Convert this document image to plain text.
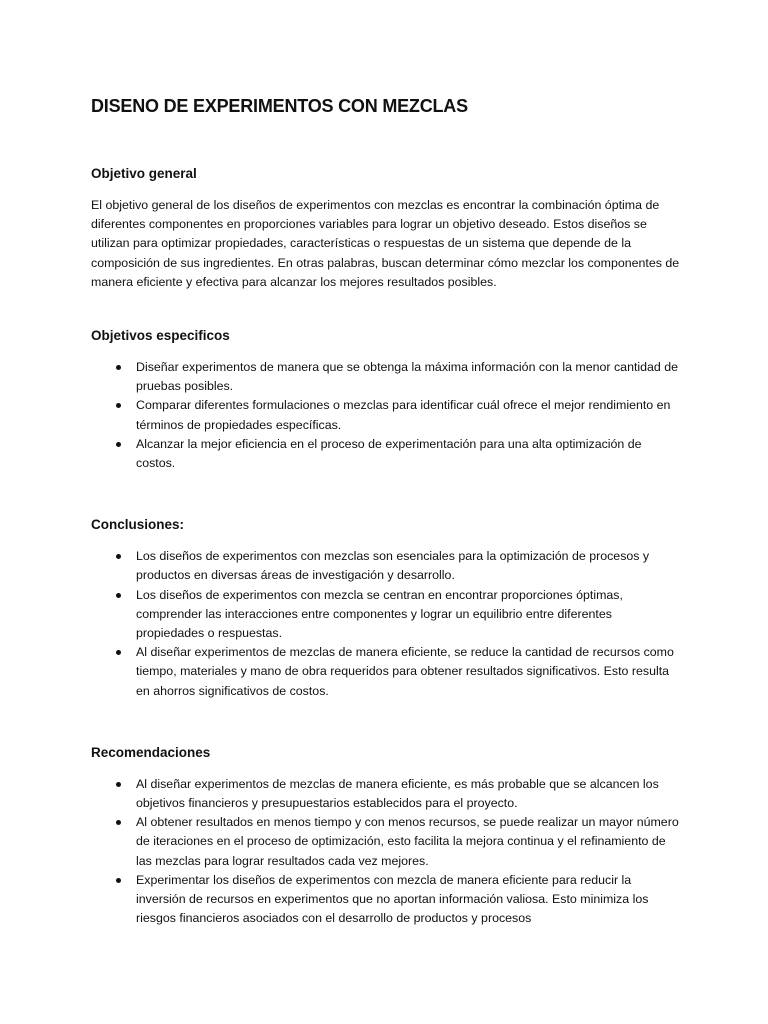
DISENO DE EXPERIMENTOS CON MEZCLAS
Objetivo general

El objetivo general de los diseños de experimentos con mezclas es encontrar la combinación óptima de diferentes componentes en proporciones variables para lograr un objetivo deseado. Estos diseños se utilizan para optimizar propiedades, características o respuestas de un sistema que depende de la composición de sus ingredientes. En otras palabras, buscan determinar cómo mezclar los componentes de manera eficiente y efectiva para alcanzar los mejores resultados posibles.

Objetivos especificos
Diseñar experimentos de manera que se obtenga la máxima información con la menor cantidad de pruebas posibles.
Comparar diferentes formulaciones o mezclas para identificar cuál ofrece el mejor rendimiento en términos de propiedades específicas.
Alcanzar la mejor eficiencia en el proceso de experimentación para una alta optimización de costos.
Conclusiones:
Los diseños de experimentos con mezclas son esenciales para la optimización de procesos y productos en diversas áreas de investigación y desarrollo.
Los diseños de experimentos con mezcla se centran en encontrar proporciones óptimas, comprender las interacciones entre componentes y lograr un equilibrio entre diferentes propiedades o respuestas.
Al diseñar experimentos de mezclas de manera eficiente, se reduce la cantidad de recursos como tiempo, materiales y mano de obra requeridos para obtener resultados significativos. Esto resulta en ahorros significativos de costos.
Recomendaciones
Al diseñar experimentos de mezclas de manera eficiente, es más probable que se alcancen los objetivos financieros y presupuestarios establecidos para el proyecto.
Al obtener resultados en menos tiempo y con menos recursos, se puede realizar un mayor número de iteraciones en el proceso de optimización, esto facilita la mejora continua y el refinamiento de las mezclas para lograr resultados cada vez mejores.
Experimentar los diseños de experimentos con mezcla de manera eficiente para reducir la inversión de recursos en experimentos que no aportan información valiosa. Esto minimiza los riesgos financieros asociados con el desarrollo de productos y procesos
